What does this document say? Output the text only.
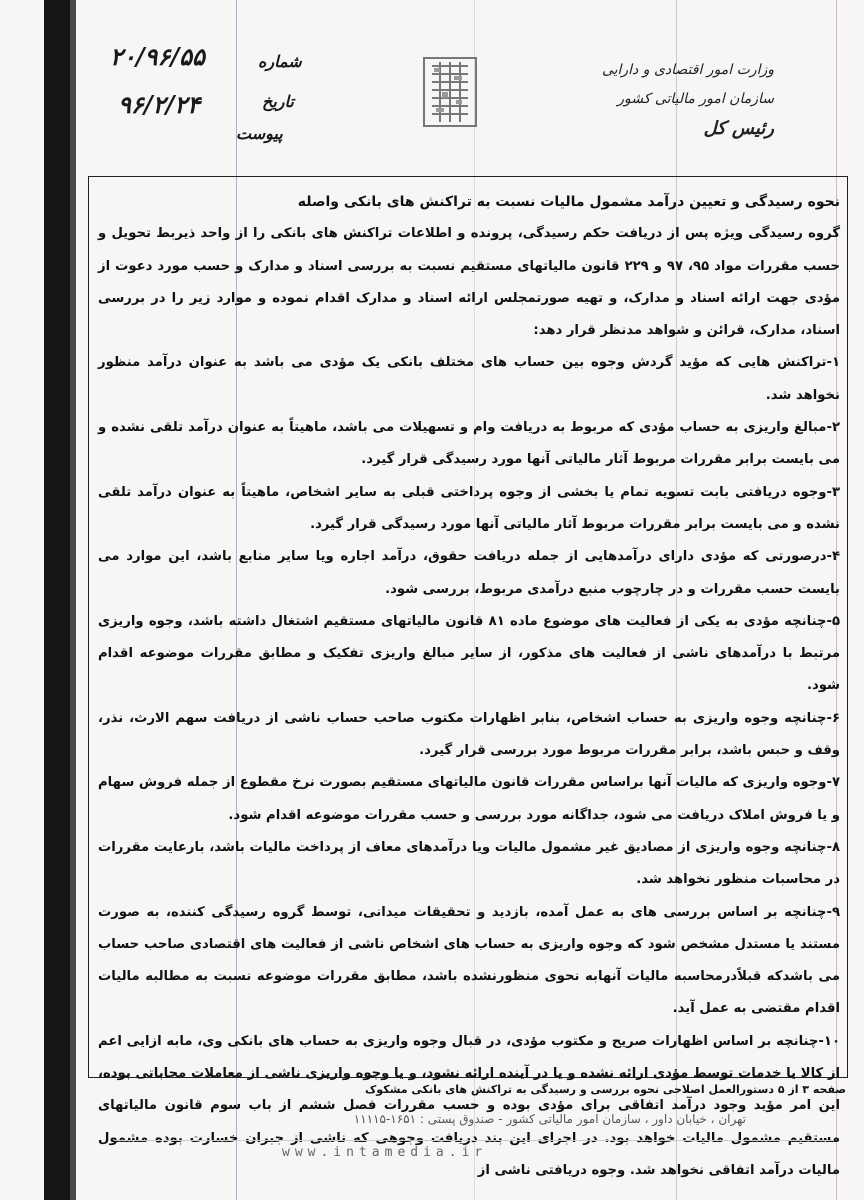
شماره
۲۰/۹۶/۵۵
تاریخ
۹۶/۲/۲۴
پیوست
وزارت امور اقتصادی و دارایی
سازمان امور مالیاتی کشور
رئیس کل

نحوه رسیدگی و تعیین درآمد مشمول مالیات نسبت به تراکنش های بانکی واصله

گروه رسیدگی ویژه پس از دریافت حکم رسیدگی، پرونده و اطلاعات تراکنش های بانکی را از واحد ذیربط تحویل و حسب مقررات مواد ۹۵، ۹۷ و ۲۲۹ قانون مالیاتهای مستقیم نسبت به بررسی اسناد و مدارک و حسب مورد دعوت از مؤدی جهت ارائه اسناد و مدارک، و تهیه صورتمجلس ارائه اسناد و مدارک اقدام نموده و موارد زیر را در بررسی اسناد، مدارک، قرائن و شواهد مدنظر قرار دهد:

۱-تراکنش هایی که مؤید گردش وجوه بین حساب های مختلف بانکی یک مؤدی می باشد به عنوان درآمد منظور نخواهد شد.

۲-مبالغ واریزی به حساب مؤدی که مربوط به دریافت وام و تسهیلات می باشد، ماهیتاً به عنوان درآمد تلقی نشده و می بایست برابر مقررات مربوط آثار مالیاتی آنها مورد رسیدگی قرار گیرد.

۳-وجوه دریافتی بابت تسویه تمام یا بخشی از وجوه پرداختی قبلی به سایر اشخاص، ماهیتاً به عنوان درآمد تلقی نشده و می بایست برابر مقررات مربوط آثار مالیاتی آنها مورد رسیدگی قرار گیرد.

۴-درصورتی که مؤدی دارای درآمدهایی از جمله دریافت حقوق، درآمد اجاره ویا سایر منابع باشد، این موارد می بایست حسب مقررات و در چارچوب منبع درآمدی مربوط، بررسی شود.

۵-چنانچه مؤدی به یکی از فعالیت های موضوع ماده ۸۱ قانون مالیاتهای مستقیم اشتغال داشته باشد، وجوه واریزی مرتبط با درآمدهای ناشی از فعالیت های مذکور، از سایر مبالغ واریزی تفکیک و مطابق مقررات موضوعه اقدام شود.

۶-چنانچه وجوه واریزی به حساب اشخاص، بنابر اظهارات مکتوب صاحب حساب ناشی از دریافت سهم الارث، نذر، وقف و حبس باشد، برابر مقررات مربوط مورد بررسی قرار گیرد.

۷-وجوه واریزی که مالیات آنها براساس مقررات قانون مالیاتهای مستقیم بصورت نرخ مقطوع از جمله فروش سهام و یا فروش املاک دریافت می شود، جداگانه مورد بررسی و حسب مقررات موضوعه اقدام شود.

۸-چنانچه وجوه واریزی از مصادیق غیر مشمول مالیات ویا درآمدهای معاف از پرداخت مالیات باشد، بارعایت مقررات در محاسبات منظور نخواهد شد.

۹-چنانچه بر اساس بررسی های به عمل آمده، بازدید و تحقیقات میدانی، توسط گروه رسیدگی کننده، به صورت مستند یا مستدل مشخص شود که وجوه واریزی به حساب های اشخاص ناشی از فعالیت های اقتصادی صاحب حساب می باشدکه قبلاًدرمحاسبه مالیات آنهابه نحوی منظورنشده باشد، مطابق مقررات موضوعه نسبت به مطالبه مالیات اقدام مقتضی به عمل آید.

۱۰-چنانچه بر اساس اظهارات صریح و مکتوب مؤدی، در قبال وجوه واریزی به حساب های بانکی وی، مابه ازایی اعم از کالا یا خدمات توسط مؤدی ارائه نشده و یا در آینده ارائه نشود، و یا وجوه واریزی ناشی از معاملات محاباتی بوده، این امر مؤید وجود درآمد اتفاقی برای مؤدی بوده و حسب مقررات فصل ششم از باب سوم قانون مالیاتهای مستقیم مشمول مالیات خواهد بود. در اجرای این بند دریافت وجوهی که ناشی از جبران خسارت بوده مشمول مالیات درآمد اتفاقی نخواهد شد. وجوه دریافتی ناشی از

صفحه ۳ از ۵ دستورالعمل اصلاحی نحوه بررسی و رسیدگی به تراکنش های بانکی مشکوک
تهران ، خیابان داور ، سازمان امور مالیاتی کشور - صندوق پستی : ۱۶۵۱-۱۱۱۱۵
www.intamedia.ir
